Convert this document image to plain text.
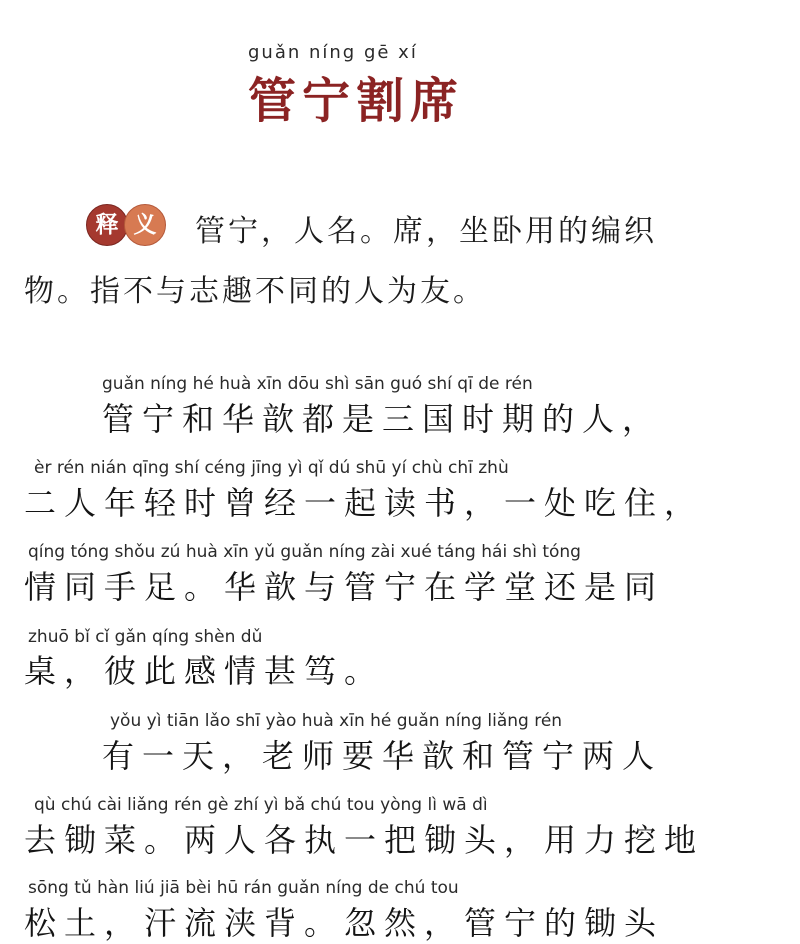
guǎn níng gē xí
管宁割席
释 义	管宁，人名。席，坐卧用的编织
物。指不与志趣不同的人为友。
guǎn níng hé huà xīn dōu shì sān guó shí qī de rén
管宁和华歆都是三国时期的人，
èr rén nián qīng shí céng jīng yì qǐ dú shū yí chù chī zhù
二人年轻时曾经一起读书，一处吃住，
qíng tóng shǒu zú huà xīn yǔ guǎn níng zài xué táng hái shì tóng
情同手足。华歆与管宁在学堂还是同
zhuō bǐ cǐ gǎn qíng shèn dǔ
桌，彼此感情甚笃。
yǒu yì tiān lǎo shī yào huà xīn hé guǎn níng liǎng rén
有一天，老师要华歆和管宁两人
qù chú cài liǎng rén gè zhí yì bǎ chú tou yòng lì wā dì
去锄菜。两人各执一把锄头，用力挖地
sōng tǔ hàn liú jiā bèi hū rán guǎn níng de chú tou
松土，汗流浃背。忽然，管宁的锄头
